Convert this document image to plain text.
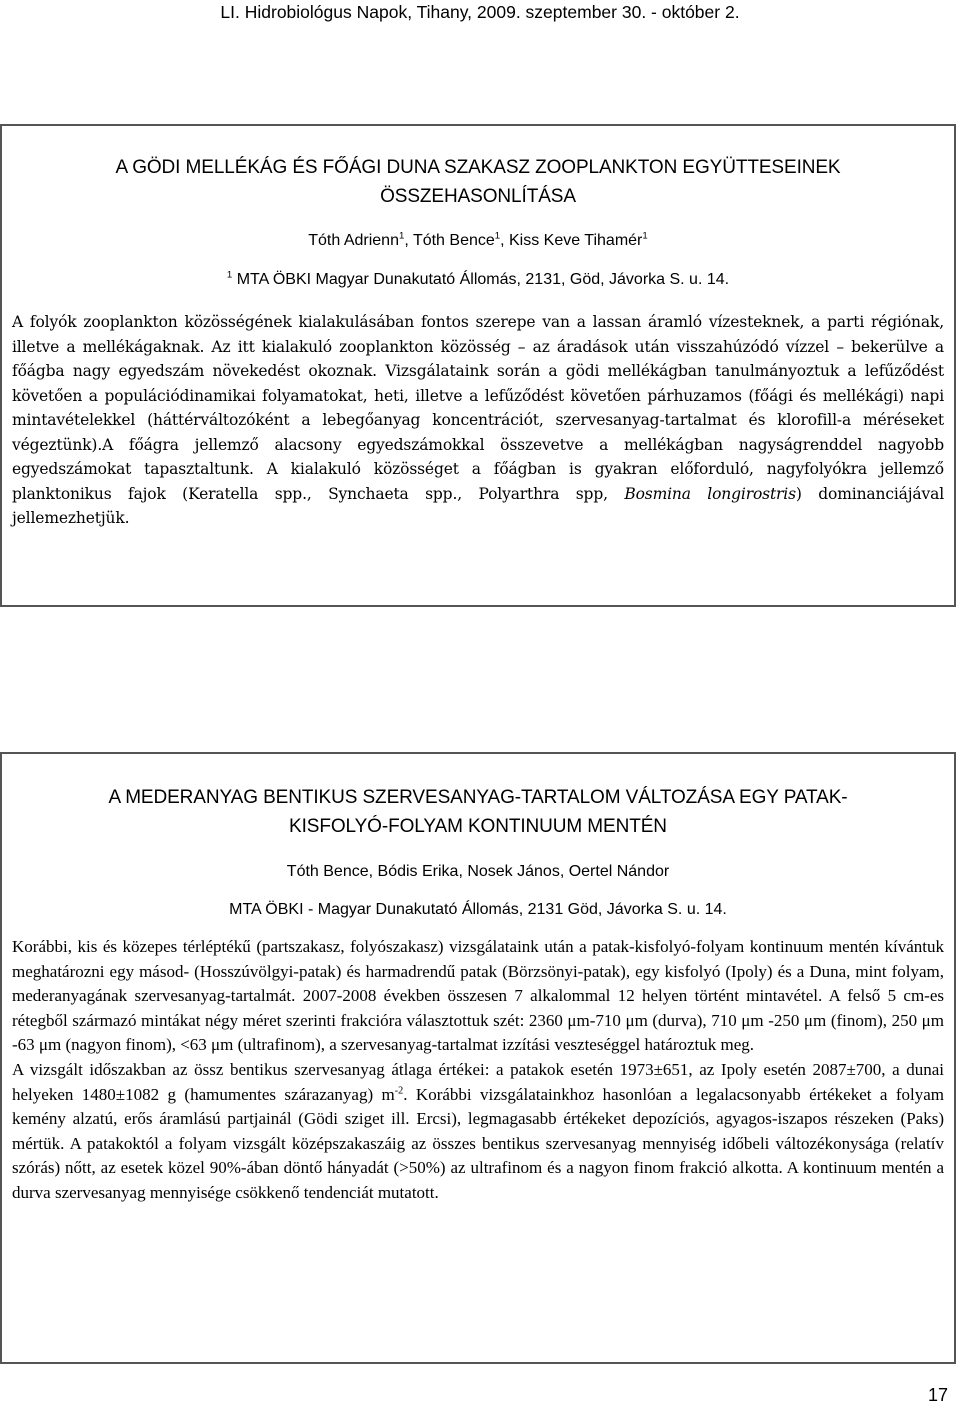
LI. Hidrobiológus Napok, Tihany, 2009. szeptember 30. - október 2.
A GÖDI MELLÉKÁG ÉS FŐÁGI DUNA SZAKASZ ZOOPLANKTON EGYÜTTESEINEK
ÖSSZEHASONLÍTÁSA
Tóth Adrienn$^1$, Tóth Bence$^1$, Kiss Keve Tihamér$^1$
$^1$ MTA ÖBKI Magyar Dunakutató Állomás, 2131, Göd, Jávorka S. u. 14.

A folyók zooplankton közösségének kialakulásában fontos szerepe van a lassan áramló vízesteknek, a parti régiónak, illetve a mellékágaknak. Az itt kialakuló zooplankton közösség – az áradások után visszahúzódó vízzel – bekerülve a főágba nagy egyedszám növekedést okoznak. Vizsgálataink során a gödi mellékágban tanulmányoztuk a lefűződést követően a populációdinamikai folyamatokat, heti, illetve a lefűződést követően párhuzamos (főági és mellékági) napi mintavételekkel (háttérváltozóként a lebegőanyag koncentrációt, szervesanyag-tartalmat és klorofill-a méréseket végeztünk).A főágra jellemző alacsony egyedszámokkal összevetve a mellékágban nagyságrenddel nagyobb egyedszámokat tapasztaltunk. A kialakuló közösséget a főágban is gyakran előforduló, nagyfolyókra jellemző planktonikus fajok (Keratella spp., Synchaeta spp., Polyarthra spp, Bosmina longirostris) dominanciájával jellemezhetjük.

A MEDERANYAG BENTIKUS SZERVESANYAG-TARTALOM VÁLTOZÁSA EGY PATAK-
KISFOLYÓ-FOLYAM KONTINUUM MENTÉN
Tóth Bence, Bódis Erika, Nosek János, Oertel Nándor
MTA ÖBKI - Magyar Dunakutató Állomás, 2131 Göd, Jávorka S. u. 14.

Korábbi, kis és közepes térléptékű (partszakasz, folyószakasz) vizsgálataink után a patak-kisfolyó-folyam kontinuum mentén kívántuk meghatározni egy másod- (Hosszúvölgyi-patak) és harmadrendű patak (Börzsönyi-patak), egy kisfolyó (Ipoly) és a Duna, mint folyam, mederanyagának szervesanyag-tartalmát. 2007-2008 években összesen 7 alkalommal 12 helyen történt mintavétel. A felső 5 cm-es rétegből származó mintákat négy méret szerinti frakcióra választottuk szét: 2360 μm-710 μm (durva), 710 μm -250 μm (finom), 250 μm -63 μm (nagyon finom), <63 μm (ultrafinom), a szervesanyag-tartalmat izzítási veszteséggel határoztuk meg.

A vizsgált időszakban az össz bentikus szervesanyag átlaga értékei: a patakok esetén 1973±651, az Ipoly esetén 2087±700, a dunai helyeken 1480±1082 g (hamumentes szárazanyag) $m^{-2}$. Korábbi vizsgálatainkhoz hasonlóan a legalacsonyabb értékeket a folyam kemény alzatú, erős áramlású partjainál (Gödi sziget ill. Ercsi), legmagasabb értékeket depozíciós, agyagos-iszapos részeken (Paks) mértük. A patakoktól a folyam vizsgált középszakaszáig az összes bentikus szervesanyag mennyiség időbeli változékonysága (relatív szórás) nőtt, az esetek közel 90%-ában döntő hányadát (>50%) az ultrafinom és a nagyon finom frakció alkotta. A kontinuum mentén a durva szervesanyag mennyisége csökkenő tendenciát mutatott.

17
